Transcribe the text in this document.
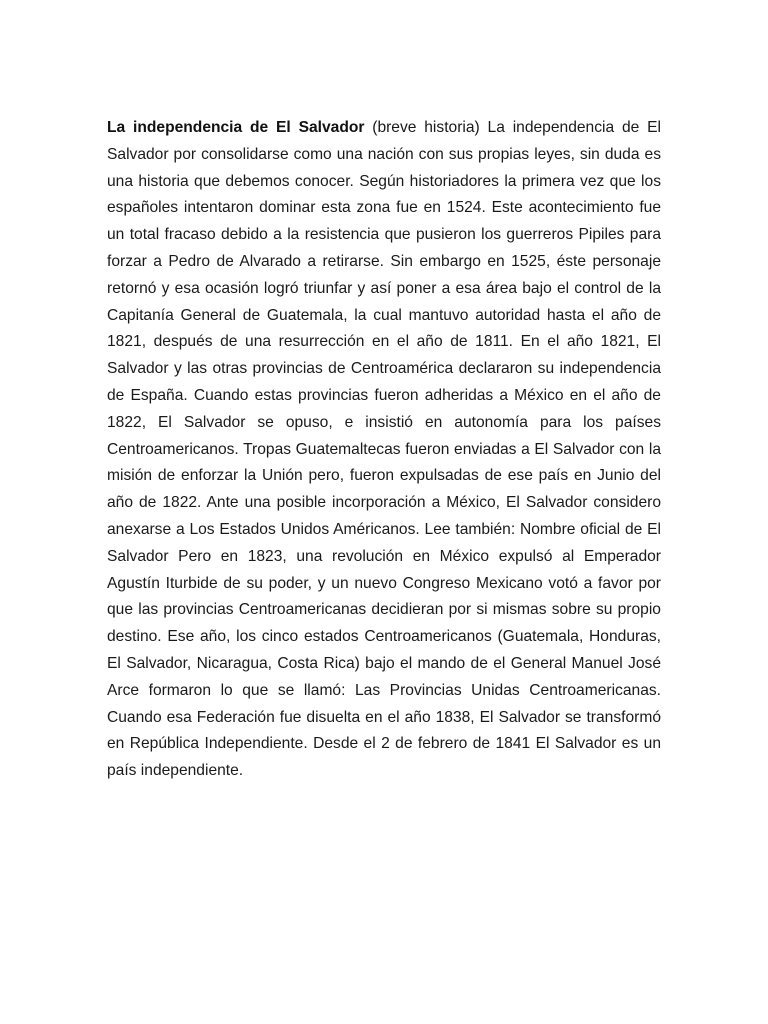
La independencia de El Salvador (breve historia) La independencia de El Salvador por consolidarse como una nación con sus propias leyes, sin duda es una historia que debemos conocer. Según historiadores la primera vez que los españoles intentaron dominar esta zona fue en 1524. Este acontecimiento fue un total fracaso debido a la resistencia que pusieron los guerreros Pipiles para forzar a Pedro de Alvarado a retirarse. Sin embargo en 1525, éste personaje retornó y esa ocasión logró triunfar y así poner a esa área bajo el control de la Capitanía General de Guatemala, la cual mantuvo autoridad hasta el año de 1821, después de una resurrección en el año de 1811. En el año 1821, El Salvador y las otras provincias de Centroamérica declararon su independencia de España. Cuando estas provincias fueron adheridas a México en el año de 1822, El Salvador se opuso, e insistió en autonomía para los países Centroamericanos. Tropas Guatemaltecas fueron enviadas a El Salvador con la misión de enforzar la Unión pero, fueron expulsadas de ese país en Junio del año de 1822. Ante una posible incorporación a México, El Salvador considero anexarse a Los Estados Unidos Américanos. Lee también: Nombre oficial de El Salvador Pero en 1823, una revolución en México expulsó al Emperador Agustín Iturbide de su poder, y un nuevo Congreso Mexicano votó a favor por que las provincias Centroamericanas decidieran por si mismas sobre su propio destino. Ese año, los cinco estados Centroamericanos (Guatemala, Honduras, El Salvador, Nicaragua, Costa Rica) bajo el mando de el General Manuel José Arce formaron lo que se llamó: Las Provincias Unidas Centroamericanas. Cuando esa Federación fue disuelta en el año 1838, El Salvador se transformó en República Independiente. Desde el 2 de febrero de 1841 El Salvador es un país independiente.
